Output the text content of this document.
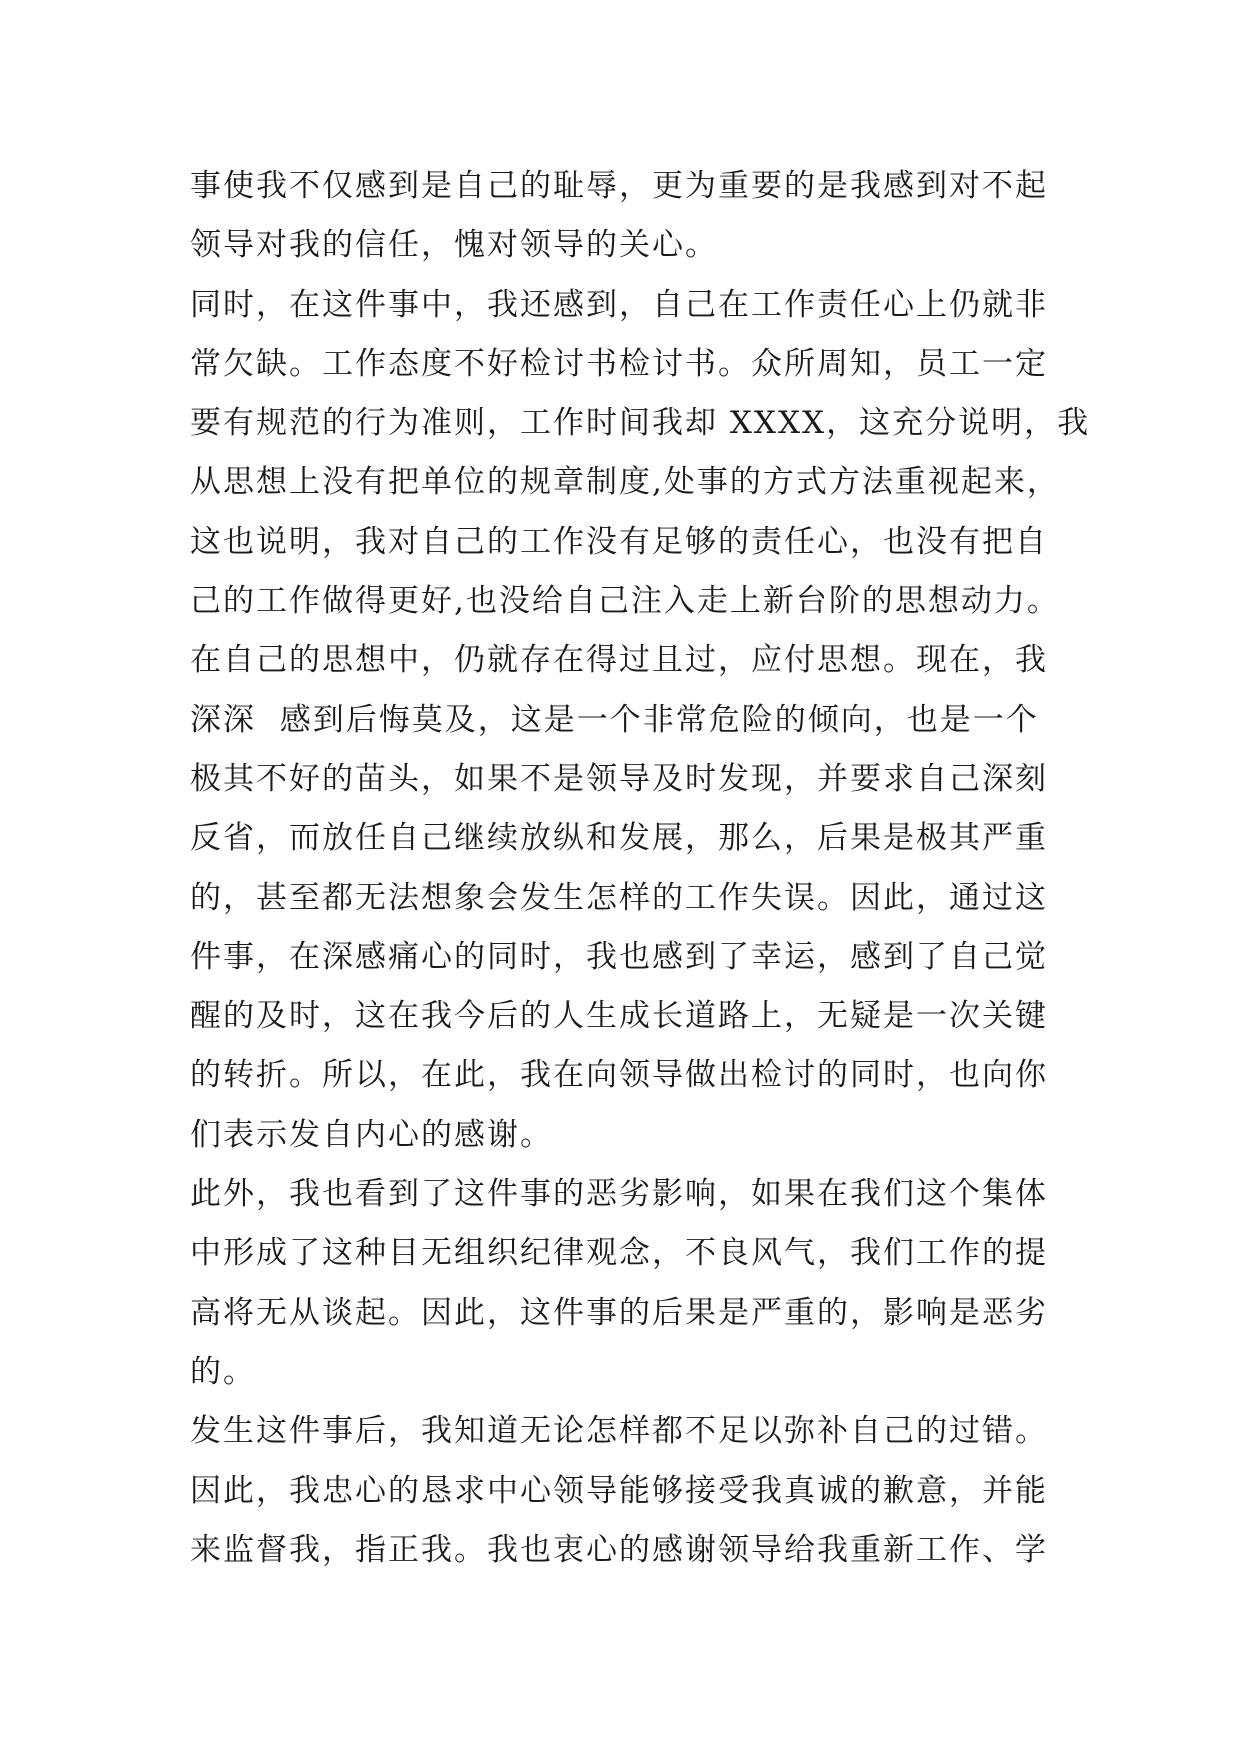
事使我不仅感到是自己的耻辱，更为重要的是我感到对不起
领导对我的信任，愧对领导的关心。
同时，在这件事中，我还感到，自己在工作责任心上仍就非
常欠缺。工作态度不好检讨书检讨书。众所周知，员工一定
要有规范的行为准则，工作时间我却 XXXX，这充分说明，我
从思想上没有把单位的规章制度,处事的方式方法重视起来，
这也说明，我对自己的工作没有足够的责任心，也没有把自
己的工作做得更好,也没给自己注入走上新台阶的思想动力。
在自己的思想中，仍就存在得过且过，应付思想。现在，我
深深  感到后悔莫及，这是一个非常危险的倾向，也是一个
极其不好的苗头，如果不是领导及时发现，并要求自己深刻
反省，而放任自己继续放纵和发展，那么，后果是极其严重
的，甚至都无法想象会发生怎样的工作失误。因此，通过这
件事，在深感痛心的同时，我也感到了幸运，感到了自己觉
醒的及时，这在我今后的人生成长道路上，无疑是一次关键
的转折。所以，在此，我在向领导做出检讨的同时，也向你
们表示发自内心的感谢。
此外，我也看到了这件事的恶劣影响，如果在我们这个集体
中形成了这种目无组织纪律观念，不良风气，我们工作的提
高将无从谈起。因此，这件事的后果是严重的，影响是恶劣
的。
发生这件事后，我知道无论怎样都不足以弥补自己的过错。
因此，我忠心的恳求中心领导能够接受我真诚的歉意，并能
来监督我，指正我。我也衷心的感谢领导给我重新工作、学
